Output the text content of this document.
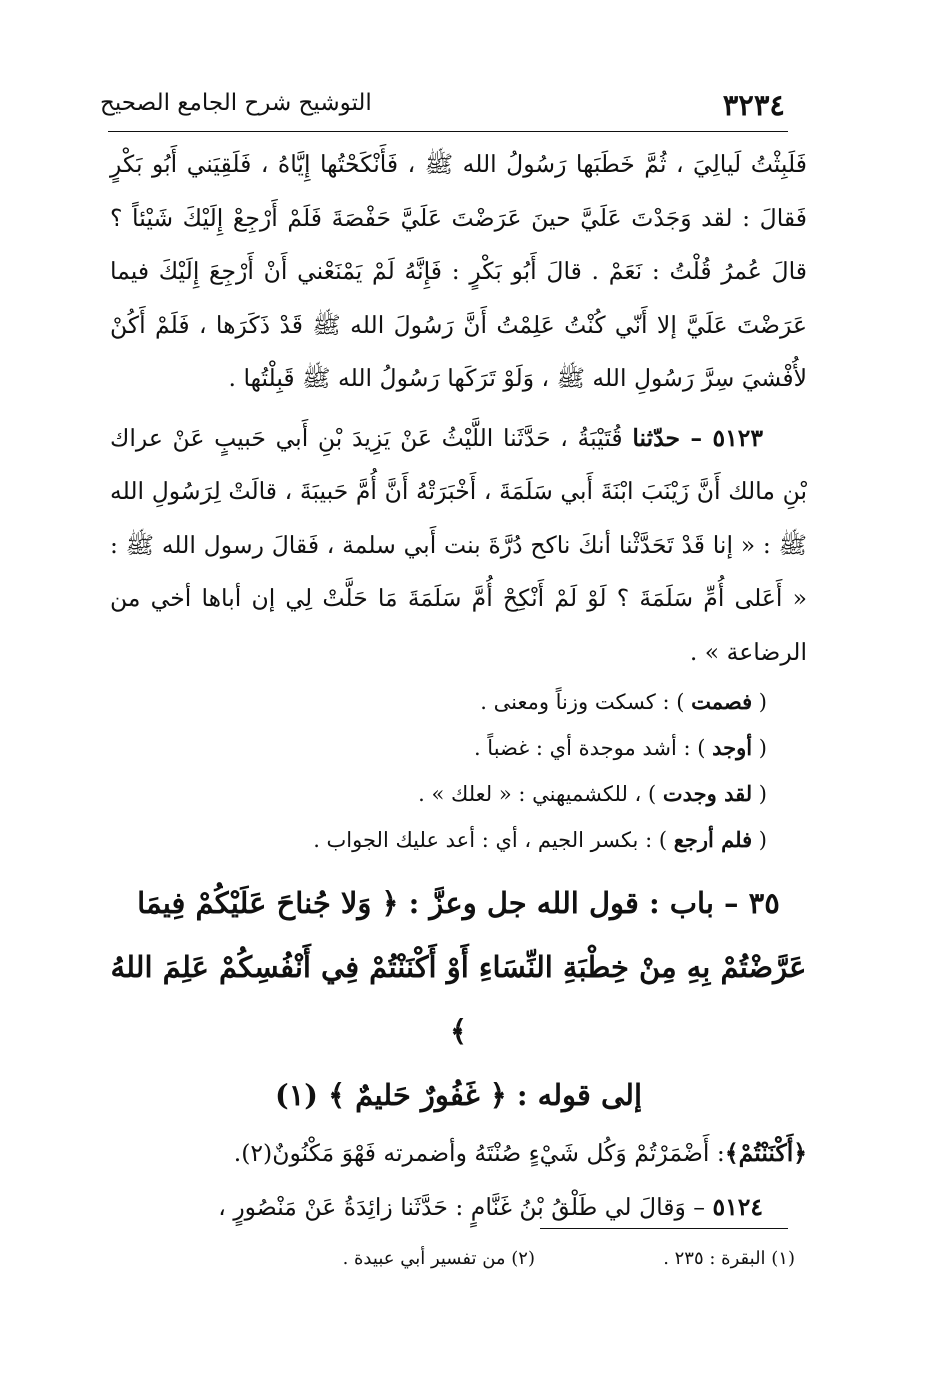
٣٢٣٤
التوشيح شرح الجامع الصحيح

فَلَبِثْتُ لَيالِيَ ، ثُمَّ خَطَبَها رَسُولُ الله ﷺ ، فَأَنْكَحْتُها إِيَّاهُ ، فَلَقِيَني أَبُو بَكْرٍ فَقالَ : لقد وَجَدْتَ عَلَيَّ حينَ عَرَضْتَ عَلَيَّ حَفْصَةَ فَلَمْ أَرْجِعْ إِلَيْكَ شَيْئاً ؟ قالَ عُمرُ قُلْتُ : نَعَمْ . قالَ أَبُو بَكْرٍ : فَإِنَّهُ لَمْ يَمْنَعْني أَنْ أَرْجِعَ إِلَيْكَ فيما عَرَضْتَ عَلَيَّ إلا أَنّي كُنْتُ عَلِمْتُ أَنَّ رَسُولَ الله ﷺ قَدْ ذَكَرَها ، فَلَمْ أَكُنْ لأُفْشيَ سِرَّ رَسُولِ الله ﷺ ، وَلَوْ تَرَكَها رَسُولُ الله ﷺ قَبِلْتُها .

٥١٢٣ – حدّثنا قُتَيْبَةُ ، حَدَّثَنا اللَّيْثُ عَنْ يَزِيدَ بْنِ أَبي حَبيبٍ عَنْ عراك بْنِ مالك أَنَّ زَيْنَبَ ابْنَةَ أَبي سَلَمَةَ ، أَخْبَرَتْهُ أَنَّ أُمَّ حَبيبَةَ ، قالَتْ لِرَسُولِ الله ﷺ : « إنا قَدْ تَحَدَّثْنا أنكَ ناكح دُرَّةَ بنت أَبي سلمة ، فَقالَ رسول الله ﷺ : « أَعَلى أُمِّ سَلَمَةَ ؟ لَوْ لَمْ أَنْكِحْ أُمَّ سَلَمَةَ مَا حَلَّتْ لِي إن أباها أخي من الرضاعة » .

( فصمت ) : كسكت وزناً ومعنى .

( أوجد ) : أشد موجدة أي : غضباً .

( لقد وجدت ) ، للكشميهني : « لعلك » .

( فلم أرجع ) : بكسر الجيم ، أي : أعد عليك الجواب .

٣٥ – باب : قول الله جل وعزَّ : ﴿ وَلا جُناحَ عَلَيْكُمْ فِيمَا

عَرَّضْتُمْ بِهِ مِنْ خِطْبَةِ النِّسَاءِ أَوْ أَكْنَنْتُمْ فِي أَنْفُسِكُمْ عَلِمَ اللهُ ﴾

إلى قوله : ﴿ غَفُورٌ حَليمٌ ﴾ (١)

﴿أَكْنَنْتُمْ﴾: أَضْمَرْتُمْ وَكُل شَيْءٍ صُنْتَهُ وأضمرته فَهْوَ مَكْنُونٌ(٢).

٥١٢٤ – وَقالَ لي طَلْقُ بْنُ غَنَّامٍ : حَدَّثَنا زائِدَةُ عَنْ مَنْصُورٍ ،

(١) البقرة : ٢٣٥ .
(٢) من تفسير أبي عبيدة .
